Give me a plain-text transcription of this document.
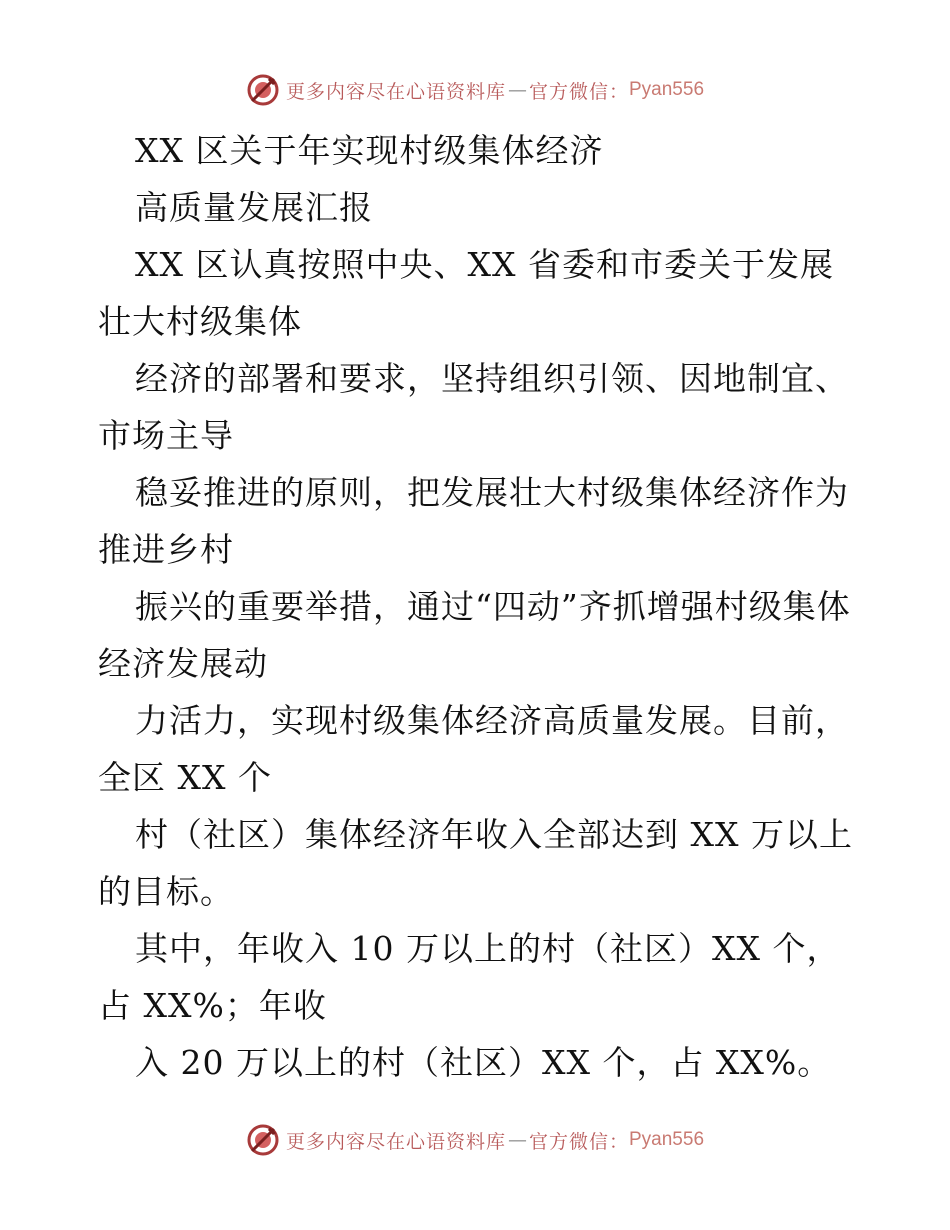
更多内容尽在心语资料库 — 官方微信： Pyan556
XX 区关于年实现村级集体经济
高质量发展汇报
XX 区认真按照中央、XX 省委和市委关于发展壮大村级集体
经济的部署和要求，坚持组织引领、因地制宜、市场主导
稳妥推进的原则，把发展壮大村级集体经济作为推进乡村
振兴的重要举措，通过“四动”齐抓增强村级集体经济发展动
力活力，实现村级集体经济高质量发展。目前，全区 XX 个
村（社区）集体经济年收入全部达到 XX 万以上的目标。
其中，年收入 10 万以上的村（社区）XX 个，占 XX%；年收
入 20 万以上的村（社区）XX 个，占 XX%。
更多内容尽在心语资料库 — 官方微信： Pyan556
